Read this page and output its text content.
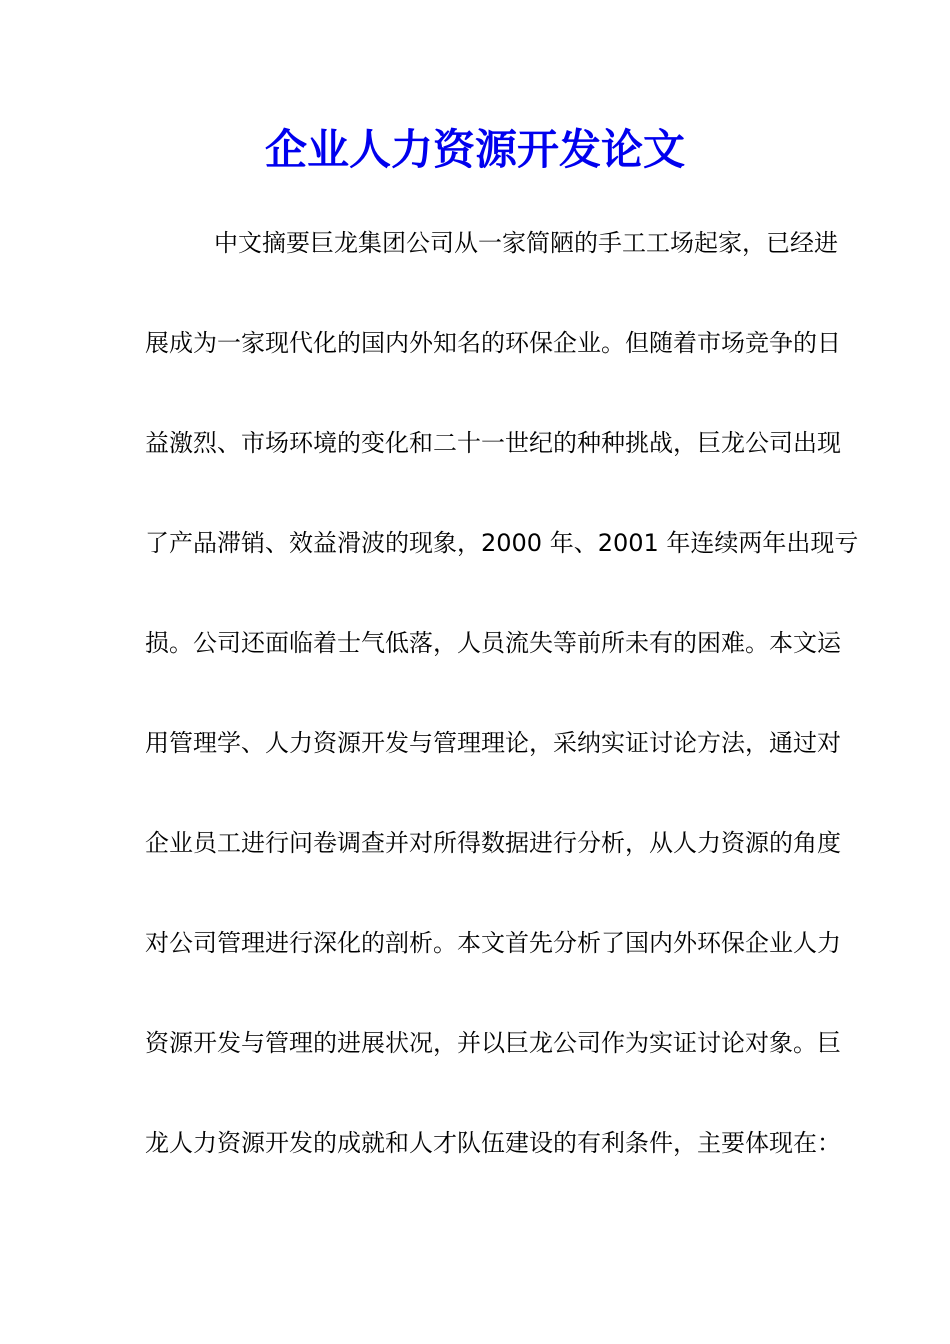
企业人力资源开发论文

中文摘要巨龙集团公司从一家简陋的手工工场起家，已经进

展成为一家现代化的国内外知名的环保企业。但随着市场竞争的日

益激烈、市场环境的变化和二十一世纪的种种挑战，巨龙公司出现

了产品滞销、效益滑波的现象，2000 年、2001 年连续两年出现亏

损。公司还面临着士气低落，人员流失等前所未有的困难。本文运

用管理学、人力资源开发与管理理论，采纳实证讨论方法，通过对

企业员工进行问卷调查并对所得数据进行分析，从人力资源的角度

对公司管理进行深化的剖析。本文首先分析了国内外环保企业人力

资源开发与管理的进展状况，并以巨龙公司作为实证讨论对象。巨

龙人力资源开发的成就和人才队伍建设的有利条件，主要体现在：
